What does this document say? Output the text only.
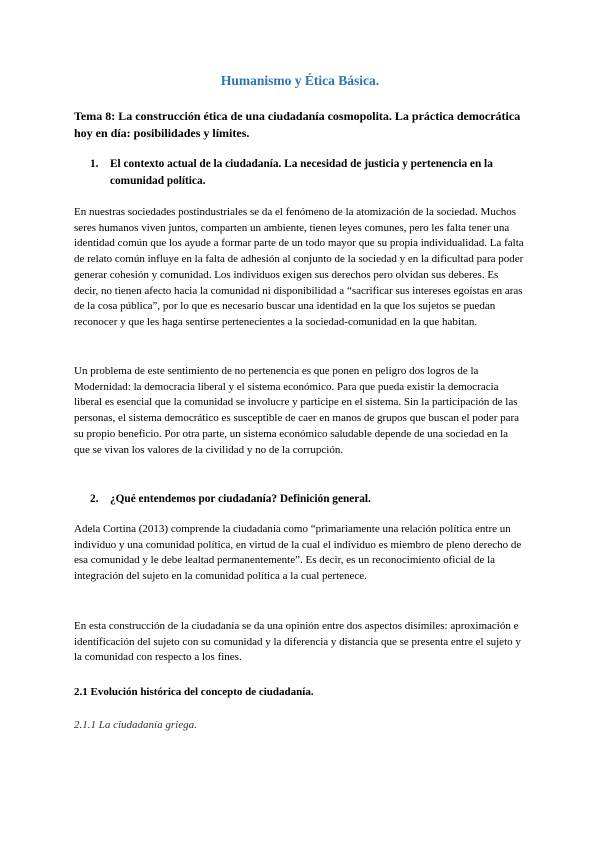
Humanismo y Ética Básica.

Tema 8: La construcción ética de una ciudadanía cosmopolita. La práctica democrática hoy en día: posibilidades y límites.

1. El contexto actual de la ciudadanía. La necesidad de justicia y pertenencia en la comunidad política.

En nuestras sociedades postindustriales se da el fenómeno de la atomización de la sociedad. Muchos seres humanos viven juntos, comparten un ambiente, tienen leyes comunes, pero les falta tener una identidad común que los ayude a formar parte de un todo mayor que su propia individualidad. La falta de relato común influye en la falta de adhesión al conjunto de la sociedad y en la dificultad para poder generar cohesión y comunidad. Los individuos exigen sus derechos pero olvidan sus deberes. Es decir, no tienen afecto hacia la comunidad ni disponibilidad a “sacrificar sus intereses egoístas en aras de la cosa pública”, por lo que es necesario buscar una identidad en la que los sujetos se puedan reconocer y que les haga sentirse pertenecientes a la sociedad-comunidad en la que habitan.

Un problema de este sentimiento de no pertenencia es que ponen en peligro dos logros de la Modernidad: la democracia liberal y el sistema económico. Para que pueda existir la democracia liberal es esencial que la comunidad se involucre y participe en el sistema. Sin la participación de las personas, el sistema democrático es susceptible de caer en manos de grupos que buscan el poder para su propio beneficio. Por otra parte, un sistema económico saludable depende de una sociedad en la que se vivan los valores de la civilidad y no de la corrupción.

2. ¿Qué entendemos por ciudadanía? Definición general.

Adela Cortina (2013) comprende la ciudadanía como “primariamente una relación política entre un individuo y una comunidad política, en virtud de la cual el individuo es miembro de pleno derecho de esa comunidad y le debe lealtad permanentemente”. Es decir, es un reconocimiento oficial de la integración del sujeto en la comunidad política a la cual pertenece.

En esta construcción de la ciudadanía se da una opinión entre dos aspectos disímiles: aproximación e identificación del sujeto con su comunidad y la diferencia y distancia que se presenta entre el sujeto y la comunidad con respecto a los fines.

2.1 Evolución histórica del concepto de ciudadanía.

2.1.1 La ciudadanía griega.
